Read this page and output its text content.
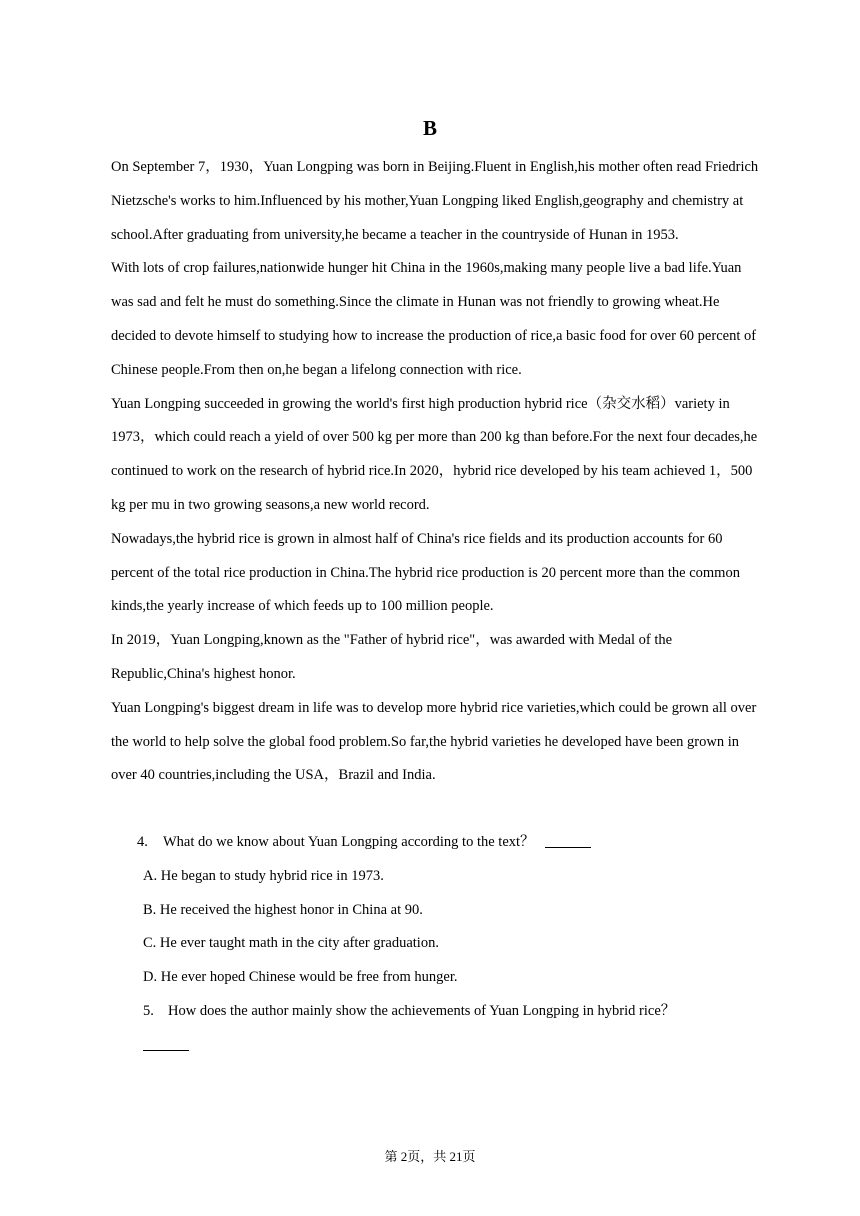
B

On September 7，1930，Yuan Longping was born in Beijing.Fluent in English,his mother often read Friedrich Nietzsche's works to him.Influenced by his mother,Yuan Longping liked English,geography and chemistry at school.After graduating from university,he became a teacher in the countryside of Hunan in 1953.

With lots of crop failures,nationwide hunger hit China in the 1960s,making many people live a bad life.Yuan was sad and felt he must do something.Since the climate in Hunan was not friendly to growing wheat.He decided to devote himself to studying how to increase the production of rice,a basic food for over 60 percent of Chinese people.From then on,he began a lifelong connection with rice.

Yuan Longping succeeded in growing the world's first high production hybrid rice（杂交水稻）variety in 1973，which could reach a yield of over 500 kg per more than 200 kg than before.For the next four decades,he continued to work on the research of hybrid rice.In 2020，hybrid rice developed by his team achieved 1，500 kg per mu in two growing seasons,a new world record.

Nowadays,the hybrid rice is grown in almost half of China's rice fields and its production accounts for 60 percent of the total rice production in China.The hybrid rice production is 20 percent more than the common kinds,the yearly increase of which feeds up to 100 million people.

In 2019，Yuan Longping,known as the "Father of hybrid rice"，was awarded with Medal of the Republic,China's highest honor.

Yuan Longping's biggest dream in life was to develop more hybrid rice varieties,which could be grown all over the world to help solve the global food problem.So far,the hybrid varieties he developed have been grown in over 40 countries,including the USA，Brazil and India.

4. What do we know about Yuan Longping according to the text？
A. He began to study hybrid rice in 1973.
B. He received the highest honor in China at 90.
C. He ever taught math in the city after graduation.
D. He ever hoped Chinese would be free from hunger.
5. How does the author mainly show the achievements of Yuan Longping in hybrid rice？
第 2页，共 21页
